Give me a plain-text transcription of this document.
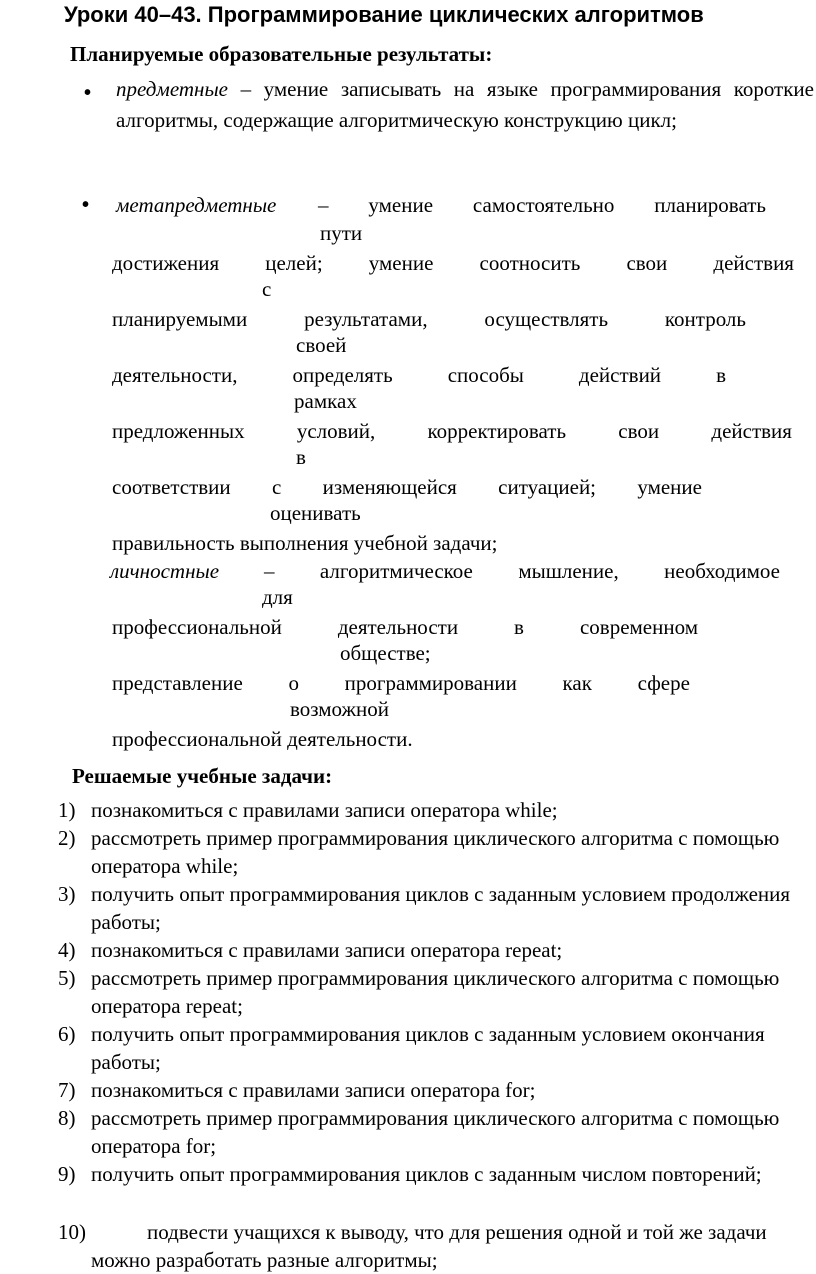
Уроки 40–43. Программирование циклических алгоритмов
Планируемые образовательные результаты:
• предметные – умение записывать на языке программирования короткие алгоритмы, содержащие алгоритмическую конструкцию цикл;
• метапредметные – умение самостоятельно планировать
пути
достижения целей; умение соотносить свои действия
с
планируемыми	результатами,	осуществлять	контроль
своей
деятельности,	определять	способы	действий	в
рамках
предложенных условий, корректировать свои действия
в
соответствии с изменяющейся ситуацией; умение
оценивать
правильность выполнения учебной задачи;
личностные – алгоритмическое мышление, необходимое
для
профессиональной	деятельности	в	современном
обществе;
представление о программировании как сфере
возможной
профессиональной деятельности.
Решаемые учебные задачи:
1) познакомиться с правилами записи оператора while;
2) рассмотреть пример программирования циклического алгоритма с помощью оператора while;
3) получить опыт программирования циклов с заданным условием продолжения работы;
4) познакомиться с правилами записи оператора repeat;
5) рассмотреть пример программирования циклического алгоритма с помощью оператора repeat;
6) получить опыт программирования циклов с заданным условием окончания работы;
7) познакомиться с правилами записи оператора for;
8) рассмотреть пример программирования циклического алгоритма с помощью оператора for;
9) получить опыт программирования циклов с заданным числом повторений;
10)	подвести учащихся к выводу, что для решения одной и той же задачи можно разработать разные алгоритмы;
